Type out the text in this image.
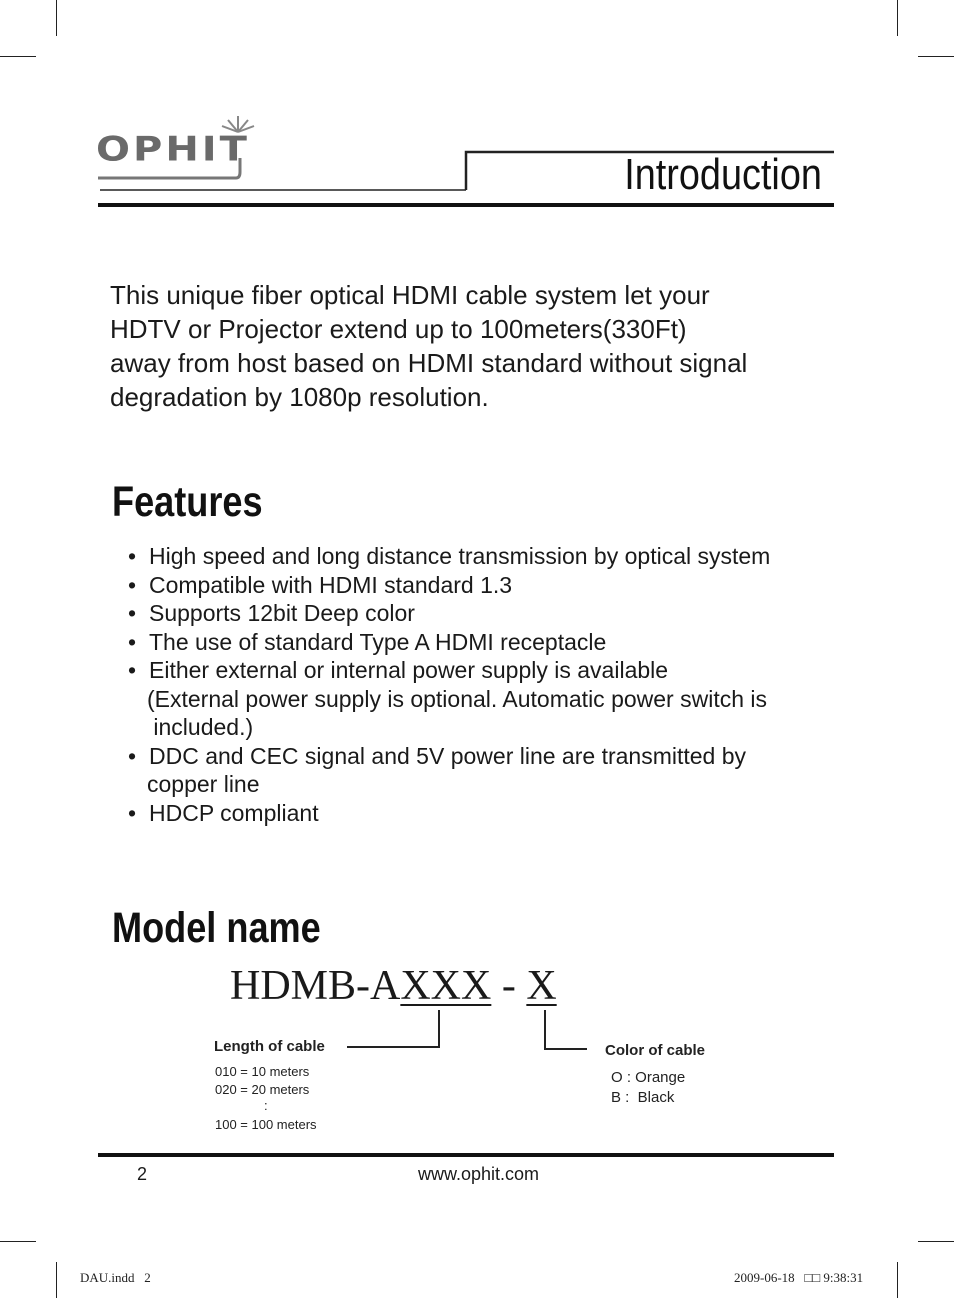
OPHIT
Introduction
This unique fiber optical HDMI cable system let your
HDTV or Projector extend up to 100meters(330Ft)
away from host based on HDMI standard without signal
degradation by 1080p resolution.
Features
• High speed and long distance transmission by optical system
• Compatible with HDMI standard 1.3
• Supports 12bit Deep color
• The use of standard Type A HDMI receptacle
• Either external or internal power supply is available
(External power supply is optional. Automatic power switch is
included.)
• DDC and CEC signal and 5V power line are transmitted by
copper line
• HDCP compliant
Model name
HDMB-AXXX - X
Length of cable
010 = 10 meters
020 = 20 meters
:
100 = 100 meters
Color of cable
O : Orange
B :  Black
2	www.ophit.com
DAU.indd   2	2009-06-18   □□ 9:38:31
